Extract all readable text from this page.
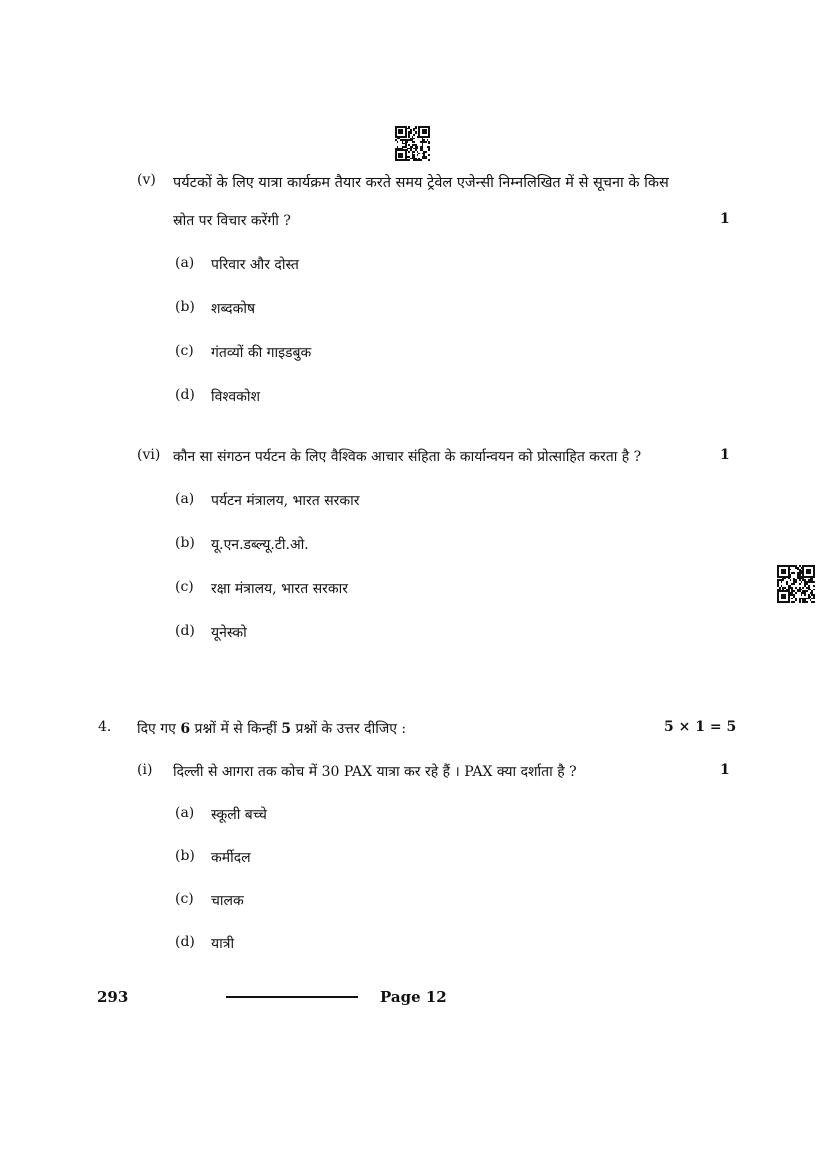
(v) पर्यटकों के लिए यात्रा कार्यक्रम तैयार करते समय ट्रेवेल एजेन्सी निम्नलिखित में से सूचना के किस
स्रोत पर विचार करेंगी ?	1
(a) परिवार और दोस्त
(b) शब्दकोष
(c) गंतव्यों की गाइडबुक
(d) विश्वकोश
(vi) कौन सा संगठन पर्यटन के लिए वैश्विक आचार संहिता के कार्यान्वयन को प्रोत्साहित करता है ?	1
(a) पर्यटन मंत्रालय, भारत सरकार
(b) यू.एन.डब्ल्यू.टी.ओ.
(c) रक्षा मंत्रालय, भारत सरकार
(d) यूनेस्को
4. दिए गए 6 प्रश्नों में से किन्हीं 5 प्रश्नों के उत्तर दीजिए :	5 × 1 = 5
(i) दिल्ली से आगरा तक कोच में 30 PAX यात्रा कर रहे हैं । PAX क्या दर्शाता है ?	1
(a) स्कूली बच्चे
(b) कर्मीदल
(c) चालक
(d) यात्री
293	Page 12
